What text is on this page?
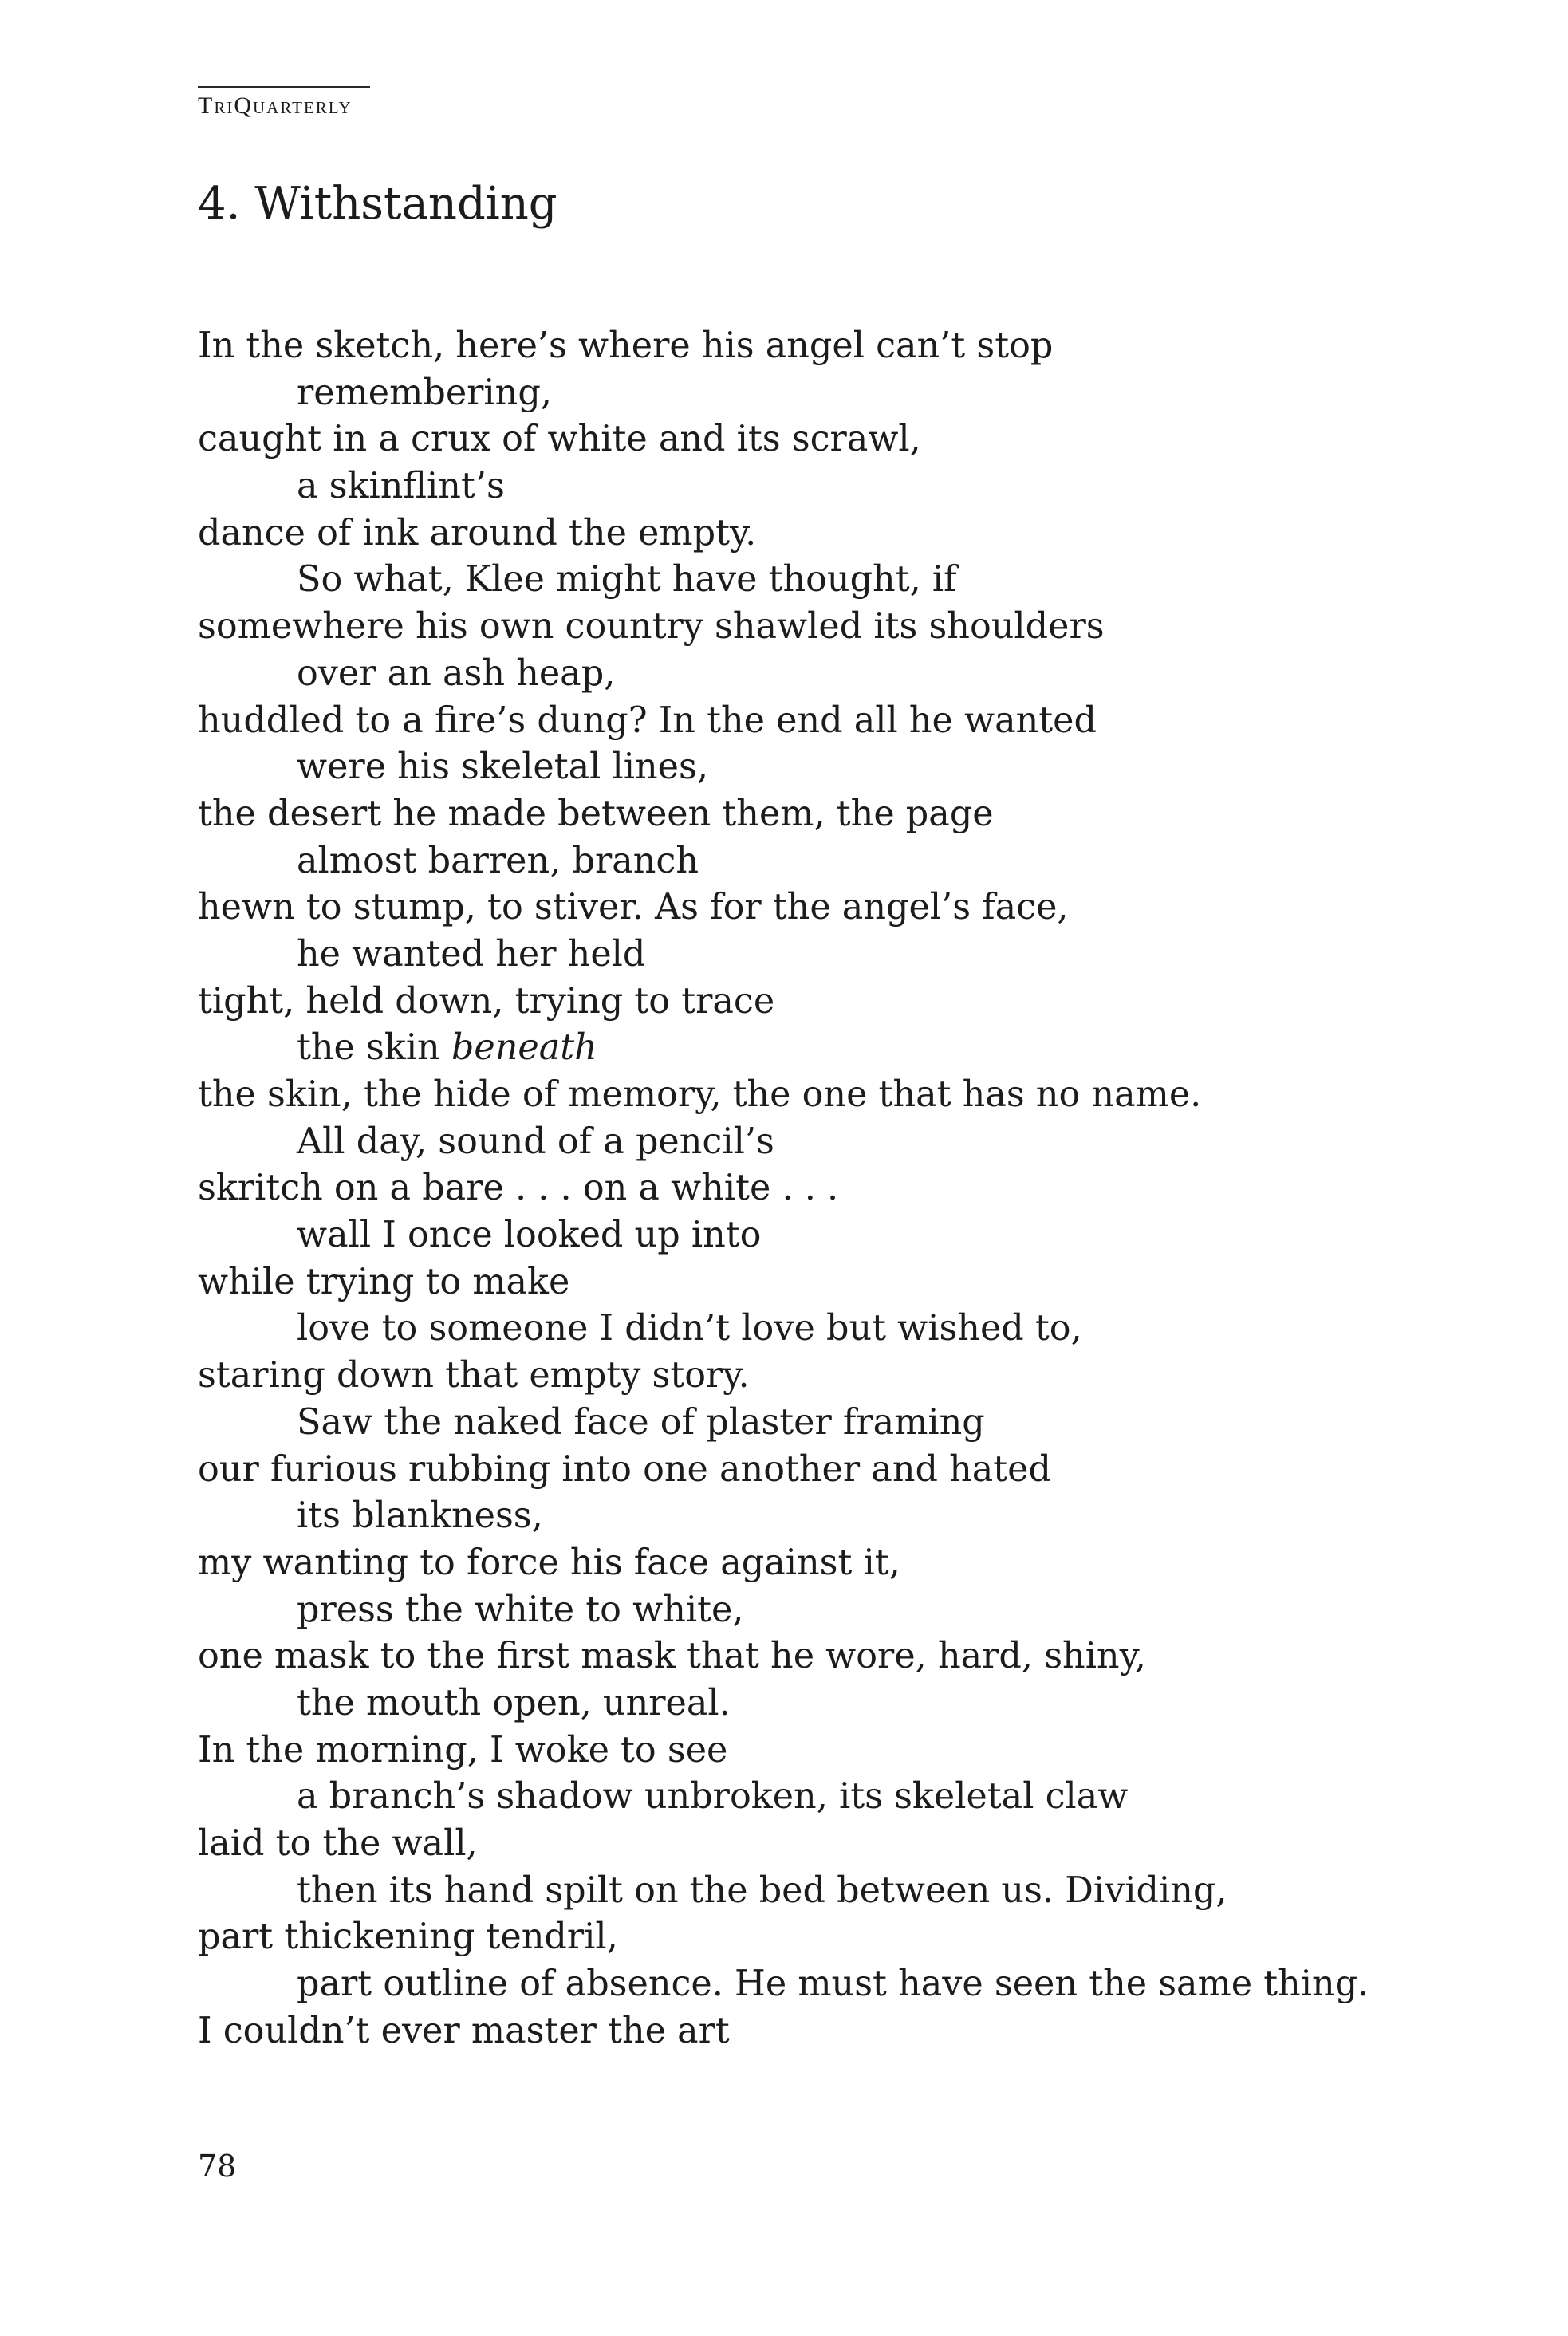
TriQuarterly
4. Withstanding
In the sketch, here’s where his angel can’t stop
remembering,
caught in a crux of white and its scrawl,
a skinflint’s
dance of ink around the empty.
So what, Klee might have thought, if
somewhere his own country shawled its shoulders
over an ash heap,
huddled to a fire’s dung? In the end all he wanted
were his skeletal lines,
the desert he made between them, the page
almost barren, branch
hewn to stump, to stiver. As for the angel’s face,
he wanted her held
tight, held down, trying to trace
the skin beneath
the skin, the hide of memory, the one that has no name.
All day, sound of a pencil’s
skritch on a bare . . . on a white . . .
wall I once looked up into
while trying to make
love to someone I didn’t love but wished to,
staring down that empty story.
Saw the naked face of plaster framing
our furious rubbing into one another and hated
its blankness,
my wanting to force his face against it,
press the white to white,
one mask to the first mask that he wore, hard, shiny,
the mouth open, unreal.
In the morning, I woke to see
a branch’s shadow unbroken, its skeletal claw
laid to the wall,
then its hand spilt on the bed between us. Dividing,
part thickening tendril,
part outline of absence. He must have seen the same thing.
I couldn’t ever master the art
78
